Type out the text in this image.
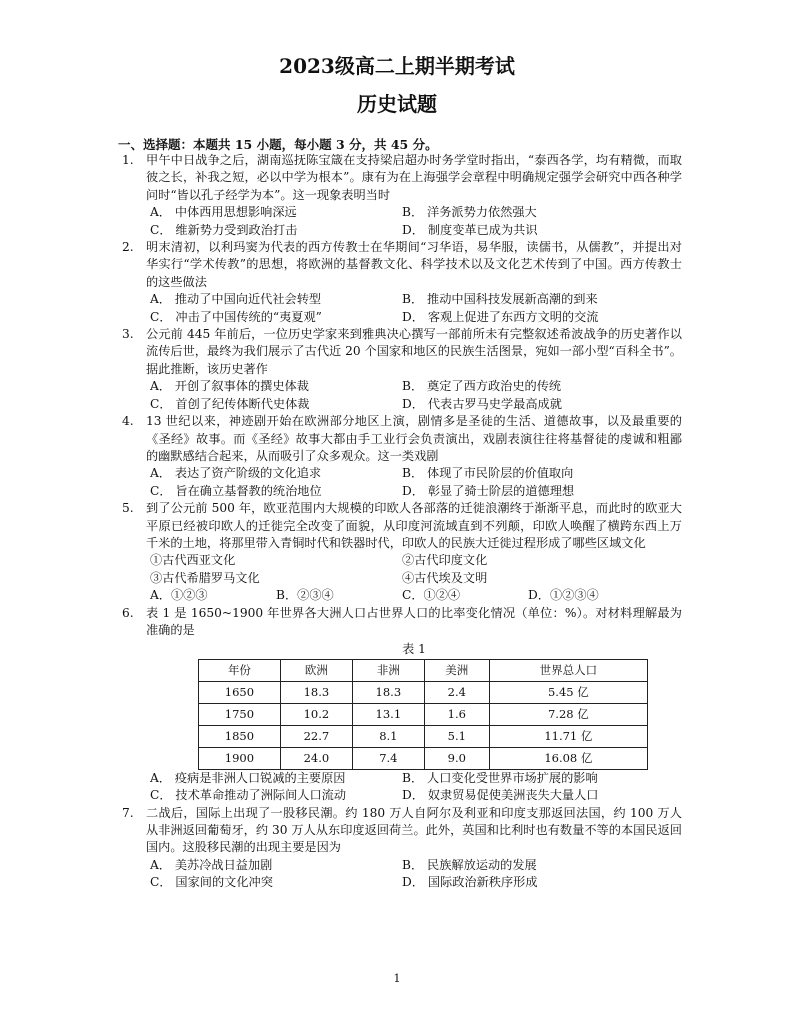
2023级高二上期半期考试
历史试题
一、选择题：本题共 15 小题，每小题 3 分，共 45 分。
1. 甲午中日战争之后，湖南巡抚陈宝箴在支持梁启超办时务学堂时指出，“泰西各学，均有精微，而取彼之长，补我之短，必以中学为根本”。康有为在上海强学会章程中明确规定强学会研究中西各种学问时“皆以孔子经学为本”。这一现象表明当时
A． 中体西用思想影响深远	B． 洋务派势力依然强大
C． 维新势力受到政治打击	D． 制度变革已成为共识
2. 明末清初，以利玛窦为代表的西方传教士在华期间“习华语，易华服，读儒书，从儒教”，并提出对华实行“学术传教”的思想，将欧洲的基督教文化、科学技术以及文化艺术传到了中国。西方传教士的这些做法
A． 推动了中国向近代社会转型	B． 推动中国科技发展新高潮的到来
C． 冲击了中国传统的“夷夏观”	D． 客观上促进了东西方文明的交流
3. 公元前 445 年前后，一位历史学家来到雅典决心撰写一部前所未有完整叙述希波战争的历史著作以流传后世，最终为我们展示了古代近 20 个国家和地区的民族生活图景，宛如一部小型“百科全书”。据此推断，该历史著作
A． 开创了叙事体的撰史体裁	B． 奠定了西方政治史的传统
C． 首创了纪传体断代史体裁	D． 代表古罗马史学最高成就
4. 13 世纪以来，神迹剧开始在欧洲部分地区上演，剧情多是圣徒的生活、道德故事，以及最重要的《圣经》故事。而《圣经》故事大都由手工业行会负责演出，戏剧表演往往将基督徒的虔诚和粗鄙的幽默感结合起来，从而吸引了众多观众。这一类戏剧
A． 表达了资产阶级的文化追求	B． 体现了市民阶层的价值取向
C． 旨在确立基督教的统治地位	D． 彰显了骑士阶层的道德理想
5. 到了公元前 500 年，欧亚范围内大规模的印欧人各部落的迁徙浪潮终于渐渐平息，而此时的欧亚大平原已经被印欧人的迁徙完全改变了面貌，从印度河流域直到不列颠，印欧人唤醒了横跨东西上万千米的土地，将那里带入青铜时代和铁器时代，印欧人的民族大迁徙过程形成了哪些区域文化
①古代西亚文化	②古代印度文化
③古代希腊罗马文化	④古代埃及文明
A．①②③	B．②③④	C．①②④	D．①②③④
6. 表 1 是 1650~1900 年世界各大洲人口占世界人口的比率变化情况（单位：%）。对材料理解最为准确的是
表 1
年份	欧洲	非洲	美洲	世界总人口
1650	18.3	18.3	2.4	5.45 亿
1750	10.2	13.1	1.6	7.28 亿
1850	22.7	8.1	5.1	11.71 亿
1900	24.0	7.4	9.0	16.08 亿
A． 疫病是非洲人口锐减的主要原因	B． 人口变化受世界市场扩展的影响
C． 技术革命推动了洲际间人口流动	D． 奴隶贸易促使美洲丧失大量人口
7. 二战后，国际上出现了一股移民潮。约 180 万人自阿尔及利亚和印度支那返回法国，约 100 万人从非洲返回葡萄牙，约 30 万人从东印度返回荷兰。此外，英国和比利时也有数量不等的本国民返回国内。这股移民潮的出现主要是因为
A． 美苏冷战日益加剧	B． 民族解放运动的发展
C． 国家间的文化冲突	D． 国际政治新秩序形成
1
